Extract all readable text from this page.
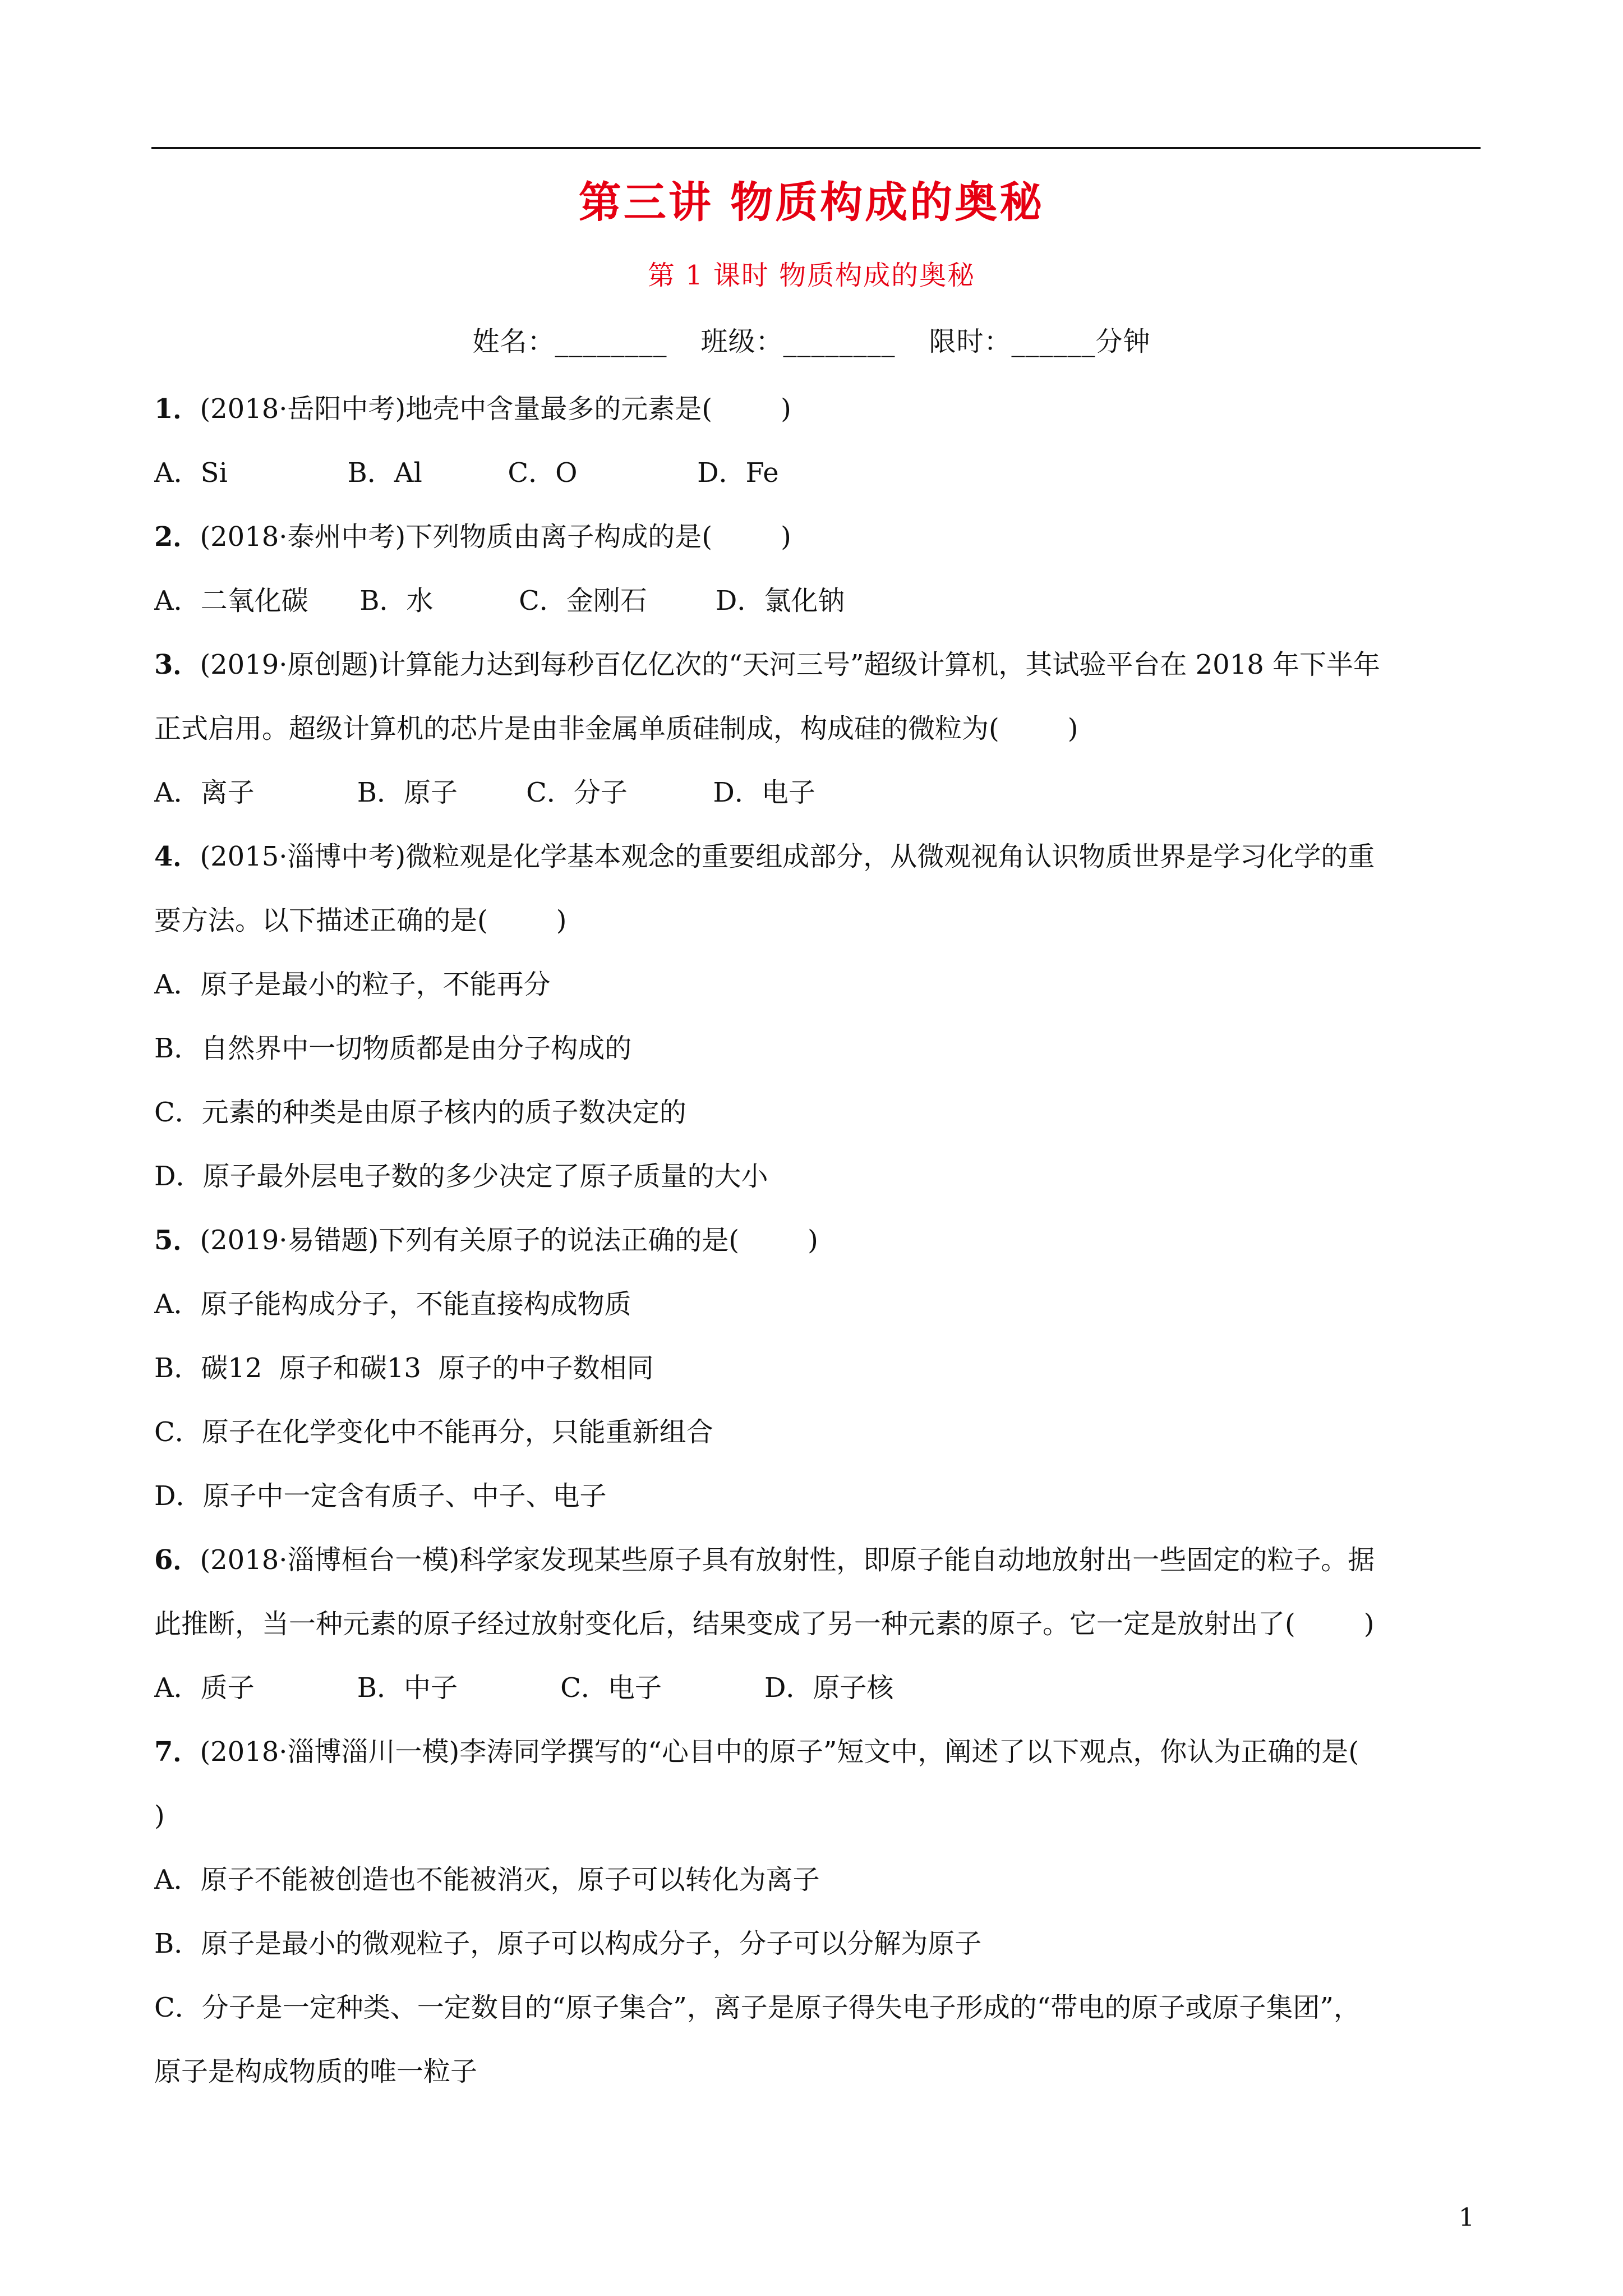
第三讲 物质构成的奥秘
第 1 课时 物质构成的奥秘
姓名：________ 班级：________ 限时：______分钟
1．(2018·岳阳中考)地壳中含量最多的元素是(        )
A．Si              B．Al          C．O              D．Fe
2．(2018·泰州中考)下列物质由离子构成的是(        )
A．二氧化碳      B．水          C．金刚石        D．氯化钠
3．(2019·原创题)计算能力达到每秒百亿亿次的“天河三号”超级计算机，其试验平台在 2018 年下半年
正式启用。超级计算机的芯片是由非金属单质硅制成，构成硅的微粒为(        )
A．离子            B．原子        C．分子          D．电子
4．(2015·淄博中考)微粒观是化学基本观念的重要组成部分，从微观视角认识物质世界是学习化学的重
要方法。以下描述正确的是(        )
A．原子是最小的粒子，不能再分
B．自然界中一切物质都是由分子构成的
C．元素的种类是由原子核内的质子数决定的
D．原子最外层电子数的多少决定了原子质量的大小
5．(2019·易错题)下列有关原子的说法正确的是(        )
A．原子能构成分子，不能直接构成物质
B．碳12  原子和碳13  原子的中子数相同
C．原子在化学变化中不能再分，只能重新组合
D．原子中一定含有质子、中子、电子
6．(2018·淄博桓台一模)科学家发现某些原子具有放射性，即原子能自动地放射出一些固定的粒子。据
此推断，当一种元素的原子经过放射变化后，结果变成了另一种元素的原子。它一定是放射出了(        )
A．质子            B．中子            C．电子            D．原子核
7．(2018·淄博淄川一模)李涛同学撰写的“心目中的原子”短文中，阐述了以下观点，你认为正确的是(
)
A．原子不能被创造也不能被消灭，原子可以转化为离子
B．原子是最小的微观粒子，原子可以构成分子，分子可以分解为原子
C．分子是一定种类、一定数目的“原子集合”，离子是原子得失电子形成的“带电的原子或原子集团”，
原子是构成物质的唯一粒子
1
